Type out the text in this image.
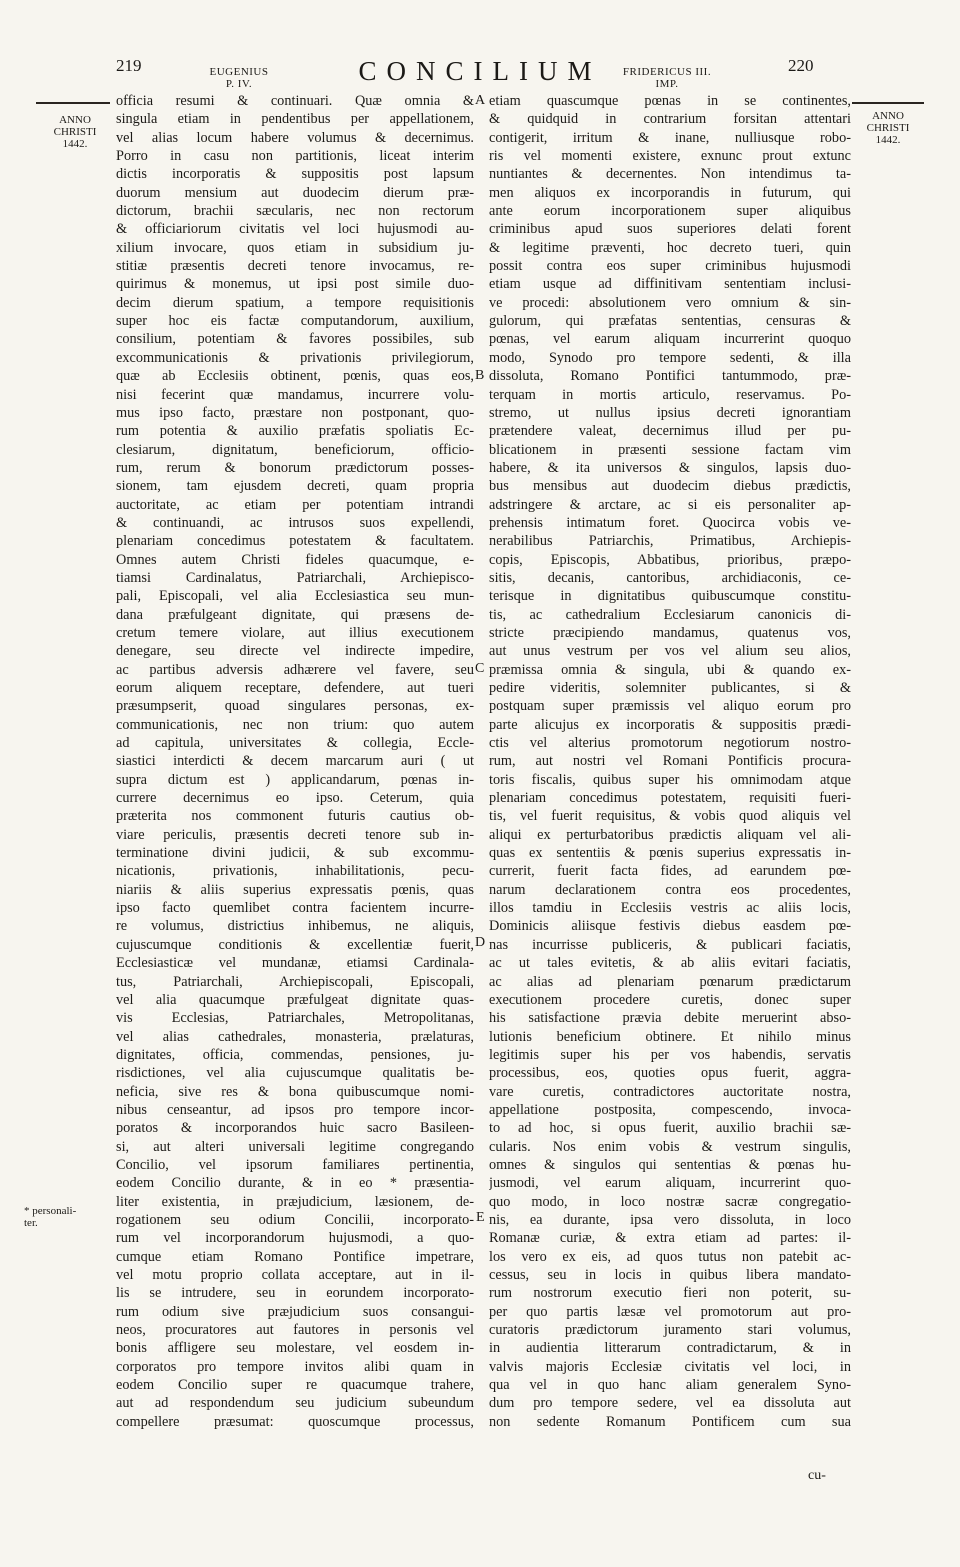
219	EUGENIUS
P. IV.	CONCILIUM	FRIDERICUS III.
IMP.
220
ANNO
CHRISTI
1442.
ANNO
CHRISTI
1442.
* personali-
ter.
A
B
C
D
E
officia resumi & continuari. Quæ omnia &
singula etiam in pendentibus per appellationem,
vel alias locum habere volumus & decernimus.
Porro in casu non partitionis, liceat interim
dictis incorporatis & suppositis post lapsum
duorum mensium aut duodecim dierum præ-
dictorum, brachii sæcularis, nec non rectorum
& officiariorum civitatis vel loci hujusmodi au-
xilium invocare, quos etiam in subsidium ju-
stitiæ præsentis decreti tenore invocamus, re-
quirimus & monemus, ut ipsi post simile duo-
decim dierum spatium, a tempore requisitionis
super hoc eis factæ computandorum, auxilium,
consilium, potentiam & favores possibiles, sub
excommunicationis & privationis privilegiorum,
quæ ab Ecclesiis obtinent, pœnis, quas eos,
nisi fecerint quæ mandamus, incurrere volu-
mus ipso facto, præstare non postponant, quo-
rum potentia & auxilio præfatis spoliatis Ec-
clesiarum, dignitatum, beneficiorum, officio-
rum, rerum & bonorum prædictorum posses-
sionem, tam ejusdem decreti, quam propria
auctoritate, ac etiam per potentiam intrandi
& continuandi, ac intrusos suos expellendi,
plenariam concedimus potestatem & facultatem.
Omnes autem Christi fideles quacumque, e-
tiamsi Cardinalatus, Patriarchali, Archiepisco-
pali, Episcopali, vel alia Ecclesiastica seu mun-
dana præfulgeant dignitate, qui præsens de-
cretum temere violare, aut illius executionem
denegare, seu directe vel indirecte impedire,
ac partibus adversis adhærere vel favere, seu
eorum aliquem receptare, defendere, aut tueri
præsumpserit, quoad singulares personas, ex-
communicationis, nec non trium: quo autem
ad capitula, universitates & collegia, Eccle-
siastici interdicti & decem marcarum auri ( ut
supra dictum est ) applicandarum, pœnas in-
currere decernimus eo ipso. Ceterum, quia
præterita nos commonent futuris cautius ob-
viare periculis, præsentis decreti tenore sub in-
terminatione divini judicii, & sub excommu-
nicationis, privationis, inhabilitationis, pecu-
niariis & aliis superius expressatis pœnis, quas
ipso facto quemlibet contra facientem incurre-
re volumus, districtius inhibemus, ne aliquis,
cujuscumque conditionis & excellentiæ fuerit,
Ecclesiasticæ vel mundanæ, etiamsi Cardinala-
tus, Patriarchali, Archiepiscopali, Episcopali,
vel alia quacumque præfulgeat dignitate quas-
vis Ecclesias, Patriarchales, Metropolitanas,
vel alias cathedrales, monasteria, prælaturas,
dignitates, officia, commendas, pensiones, ju-
risdictiones, vel alia cujuscumque qualitatis be-
neficia, sive res & bona quibuscumque nomi-
nibus censeantur, ad ipsos pro tempore incor-
poratos & incorporandos huic sacro Basileen-
si, aut alteri universali legitime congregando
Concilio, vel ipsorum familiares pertinentia,
eodem Concilio durante, & in eo * præsentia-
liter existentia, in præjudicium, læsionem, de-
rogationem seu odium Concilii, incorporato-
rum vel incorporandorum hujusmodi, a quo-
cumque etiam Romano Pontifice impetrare,
vel motu proprio collata acceptare, aut in il-
lis se intrudere, seu in eorundem incorporato-
rum odium sive præjudicium suos consangui-
neos, procuratores aut fautores in personis vel
bonis affligere seu molestare, vel eosdem in-
corporatos pro tempore invitos alibi quam in
eodem Concilio super re quacumque trahere,
aut ad respondendum seu judicium subeundum
compellere præsumat: quoscumque processus,
etiam quascumque pœnas in se continentes,
& quidquid in contrarium forsitan attentari
contigerit, irritum & inane, nulliusque robo-
ris vel momenti existere, exnunc prout extunc
nuntiantes & decernentes. Non intendimus ta-
men aliquos ex incorporandis in futurum, qui
ante eorum incorporationem super aliquibus
criminibus apud suos superiores delati forent
& legitime præventi, hoc decreto tueri, quin
possit contra eos super criminibus hujusmodi
etiam usque ad diffinitivam sententiam inclusi-
ve procedi: absolutionem vero omnium & sin-
gulorum, qui præfatas sententias, censuras &
pœnas, vel earum aliquam incurrerint quoquo
modo, Synodo pro tempore sedenti, & illa
dissoluta, Romano Pontifici tantummodo, præ-
terquam in mortis articulo, reservamus. Po-
stremo, ut nullus ipsius decreti ignorantiam
prætendere valeat, decernimus illud per pu-
blicationem in præsenti sessione factam vim
habere, & ita universos & singulos, lapsis duo-
bus mensibus aut duodecim diebus prædictis,
adstringere & arctare, ac si eis personaliter ap-
prehensis intimatum foret. Quocirca vobis ve-
nerabilibus Patriarchis, Primatibus, Archiepis-
copis, Episcopis, Abbatibus, prioribus, præpo-
sitis, decanis, cantoribus, archidiaconis, ce-
terisque in dignitatibus quibuscumque constitu-
tis, ac cathedralium Ecclesiarum canonicis di-
stricte præcipiendo mandamus, quatenus vos,
aut unus vestrum per vos vel alium seu alios,
præmissa omnia & singula, ubi & quando ex-
pedire videritis, solemniter publicantes, si &
postquam super præmissis vel aliquo eorum pro
parte alicujus ex incorporatis & suppositis prædi-
ctis vel alterius promotorum negotiorum nostro-
rum, aut nostri vel Romani Pontificis procura-
toris fiscalis, quibus super his omnimodam atque
plenariam concedimus potestatem, requisiti fueri-
tis, vel fuerit requisitus, & vobis quod aliquis vel
aliqui ex perturbatoribus prædictis aliquam vel ali-
quas ex sententiis & pœnis superius expressatis in-
currerit, fuerit facta fides, ad earundem pœ-
narum declarationem contra eos procedentes,
illos tamdiu in Ecclesiis vestris ac aliis locis,
Dominicis aliisque festivis diebus easdem pœ-
nas incurrisse publiceris, & publicari faciatis,
ac ut tales evitetis, & ab aliis evitari faciatis,
ac alias ad plenariam pœnarum prædictarum
executionem procedere curetis, donec super
his satisfactione prævia debite meruerint abso-
lutionis beneficium obtinere. Et nihilo minus
legitimis super his per vos habendis, servatis
processibus, eos, quoties opus fuerit, aggra-
vare curetis, contradictores auctoritate nostra,
appellatione postposita, compescendo, invoca-
to ad hoc, si opus fuerit, auxilio brachii sæ-
cularis. Nos enim vobis & vestrum singulis,
omnes & singulos qui sententias & pœnas hu-
jusmodi, vel earum aliquam, incurrerint quo-
quo modo, in loco nostræ sacræ congregatio-
nis, ea durante, ipsa vero dissoluta, in loco
Romanæ curiæ, & extra etiam ad partes: il-
los vero ex eis, ad quos tutus non patebit ac-
cessus, seu in locis in quibus libera mandato-
rum nostrorum executio fieri non poterit, su-
per quo partis læsæ vel promotorum aut pro-
curatoris prædictorum juramento stari volumus,
in audientia litterarum contradictarum, & in
valvis majoris Ecclesiæ civitatis vel loci, in
qua vel in quo hanc aliam generalem Syno-
dum pro tempore sedere, vel ea dissoluta aut
non sedente Romanum Pontificem cum sua
cu-
